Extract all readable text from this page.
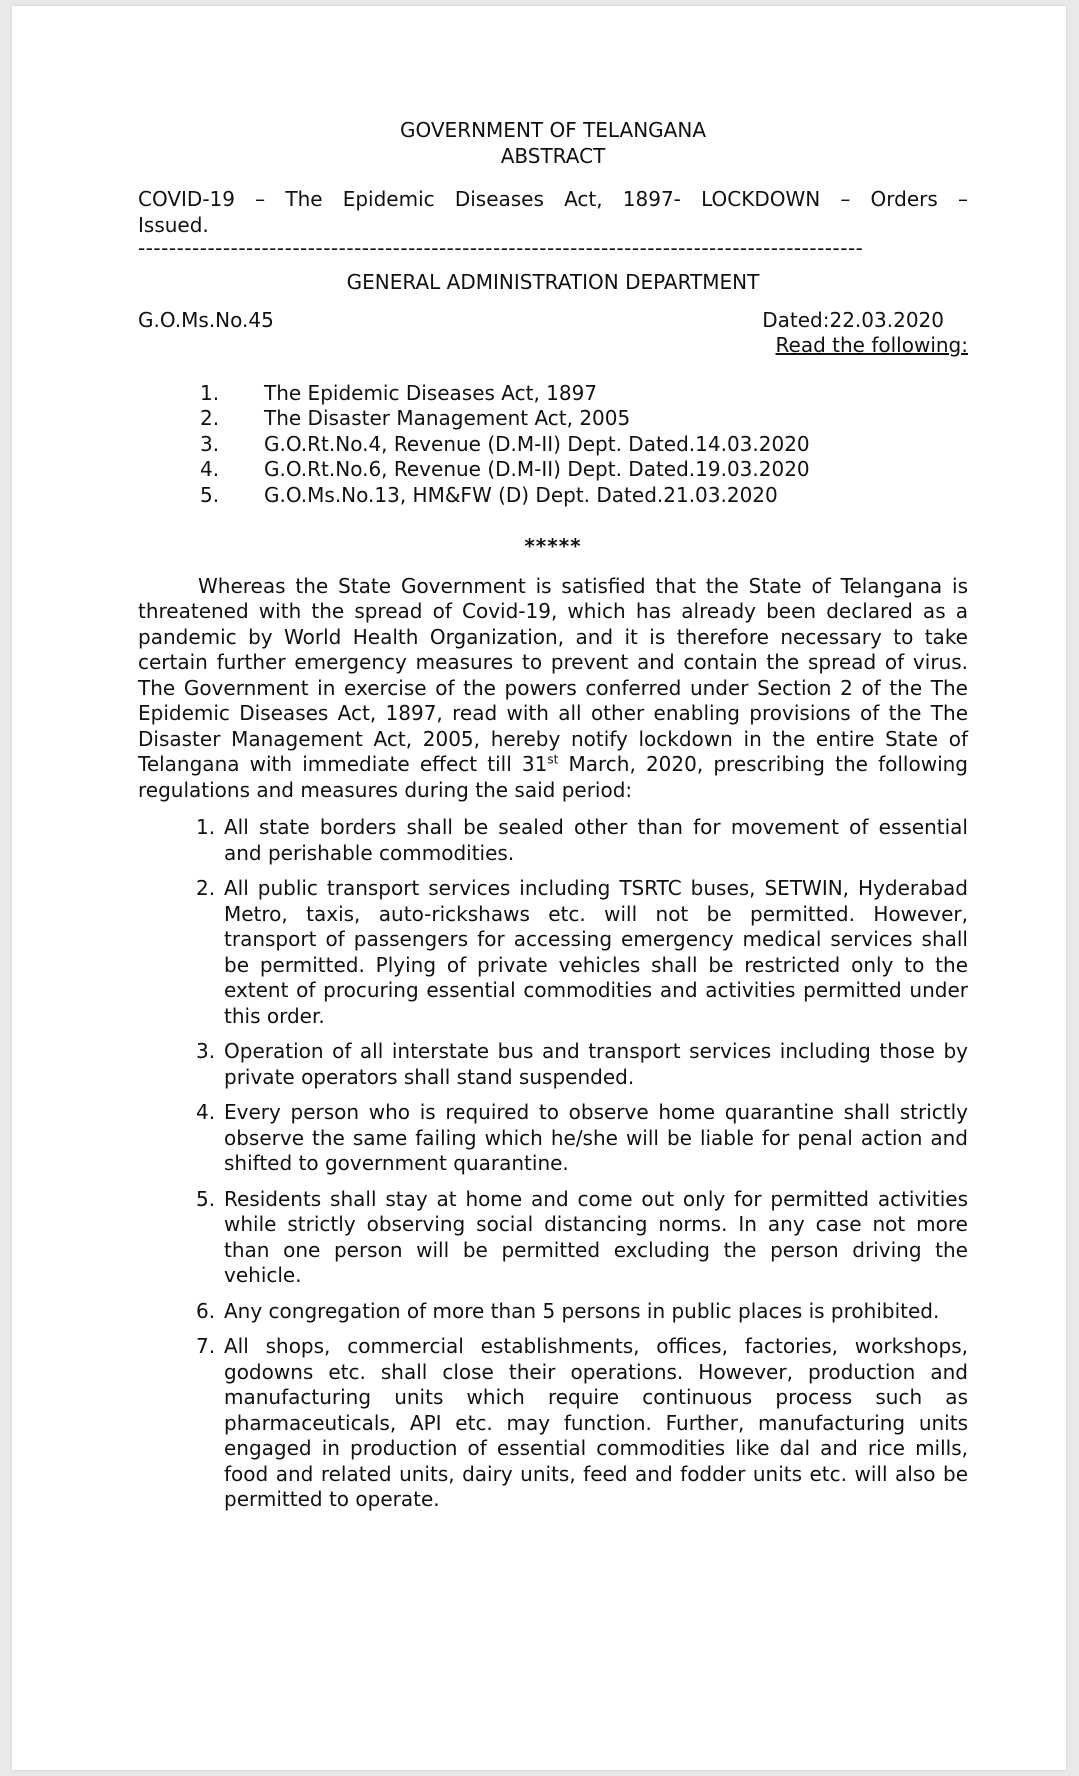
GOVERNMENT OF TELANGANA
ABSTRACT
COVID-19 – The Epidemic Diseases Act, 1897- LOCKDOWN – Orders –
Issued.
----------------------------------------------------------------------------------------------
GENERAL ADMINISTRATION DEPARTMENT
G.O.Ms.No.45	Dated:22.03.2020
Read the following:
1.	The Epidemic Diseases Act, 1897
2.	The Disaster Management Act, 2005
3.	G.O.Rt.No.4, Revenue (D.M-II) Dept. Dated.14.03.2020
4.	G.O.Rt.No.6, Revenue (D.M-II) Dept. Dated.19.03.2020
5.	G.O.Ms.No.13, HM&FW (D) Dept. Dated.21.03.2020
*****
Whereas the State Government is satisfied that the State of Telangana is threatened with the spread of Covid-19, which has already been declared as a pandemic by World Health Organization, and it is therefore necessary to take certain further emergency measures to prevent and contain the spread of virus. The Government in exercise of the powers conferred under Section 2 of the The Epidemic Diseases Act, 1897, read with all other enabling provisions of the The Disaster Management Act, 2005, hereby notify lockdown in the entire State of Telangana with immediate effect till 31st March, 2020, prescribing the following regulations and measures during the said period:
1. All state borders shall be sealed other than for movement of essential and perishable commodities.
2. All public transport services including TSRTC buses, SETWIN, Hyderabad Metro, taxis, auto-rickshaws etc. will not be permitted. However, transport of passengers for accessing emergency medical services shall be permitted. Plying of private vehicles shall be restricted only to the extent of procuring essential commodities and activities permitted under this order.
3. Operation of all interstate bus and transport services including those by private operators shall stand suspended.
4. Every person who is required to observe home quarantine shall strictly observe the same failing which he/she will be liable for penal action and shifted to government quarantine.
5. Residents shall stay at home and come out only for permitted activities while strictly observing social distancing norms. In any case not more than one person will be permitted excluding the person driving the vehicle.
6. Any congregation of more than 5 persons in public places is prohibited.
7. All shops, commercial establishments, offices, factories, workshops, godowns etc. shall close their operations. However, production and manufacturing units which require continuous process such as pharmaceuticals, API etc. may function. Further, manufacturing units engaged in production of essential commodities like dal and rice mills, food and related units, dairy units, feed and fodder units etc. will also be permitted to operate.
